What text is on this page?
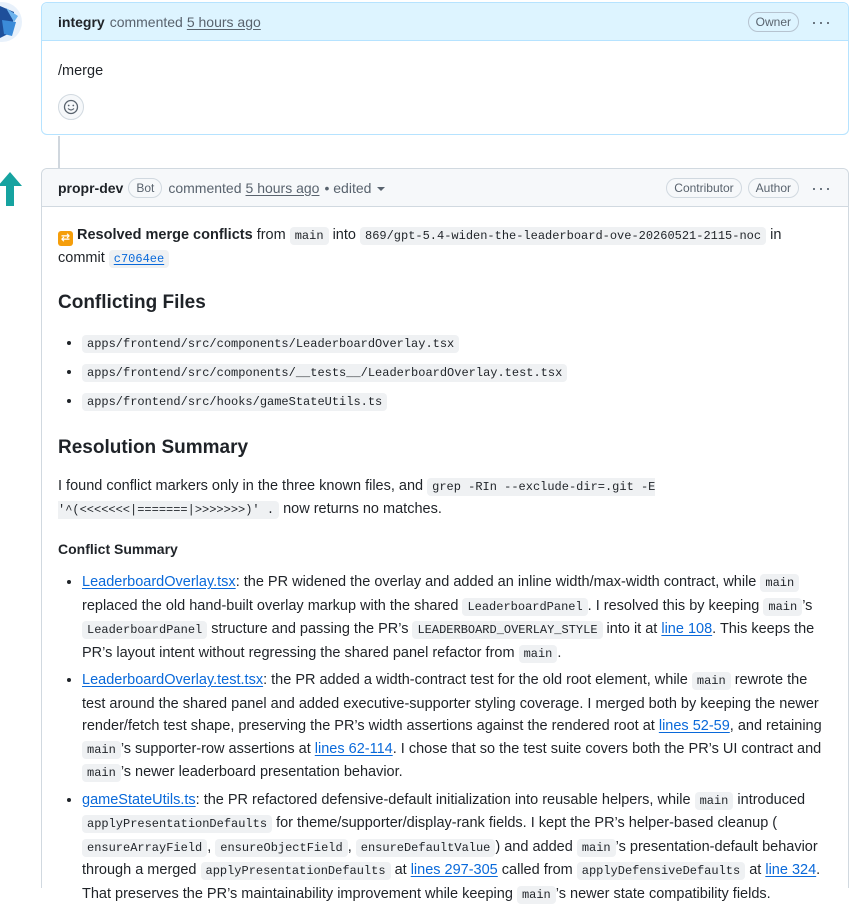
integry commented 5 hours ago	Owner	···

/merge

propr-dev	Bot	commented 5 hours ago • edited	Contributor	Author	···

⇄ Resolved merge conflicts from main into 869/gpt-5.4-widen-the-leaderboard-ove-20260521-2115-noc in
commit c7064ee

Conflicting Files
• apps/frontend/src/components/LeaderboardOverlay.tsx
• apps/frontend/src/components/__tests__/LeaderboardOverlay.test.tsx
• apps/frontend/src/hooks/gameStateUtils.ts
Resolution Summary

I found conflict markers only in the three known files, and grep -RIn --exclude-dir=.git -E '^(<<<<<<<|=======|>>>>>>>)' . now returns no matches.

Conflict Summary
• LeaderboardOverlay.tsx: the PR widened the overlay and added an inline width/max-width contract, while main replaced the old hand-built overlay markup with the shared LeaderboardPanel . I resolved this by keeping main ’s LeaderboardPanel structure and passing the PR’s LEADERBOARD_OVERLAY_STYLE into it at line 108. This keeps the PR’s layout intent without regressing the shared panel refactor from main .
• LeaderboardOverlay.test.tsx: the PR added a width-contract test for the old root element, while main rewrote the test around the shared panel and added executive-supporter styling coverage. I merged both by keeping the newer render/fetch test shape, preserving the PR’s width assertions against the rendered root at lines 52-59, and retaining main ’s supporter-row assertions at lines 62-114. I chose that so the test suite covers both the PR’s UI contract and main ’s newer leaderboard presentation behavior.
• gameStateUtils.ts: the PR refactored defensive-default initialization into reusable helpers, while main introduced applyPresentationDefaults for theme/supporter/display-rank fields. I kept the PR’s helper-based cleanup ( ensureArrayField , ensureObjectField , ensureDefaultValue ) and added main ’s presentation-default behavior through a merged applyPresentationDefaults at lines 297-305 called from applyDefensiveDefaults at line 324. That preserves the PR’s maintainability improvement while keeping main ’s newer state compatibility fields.
